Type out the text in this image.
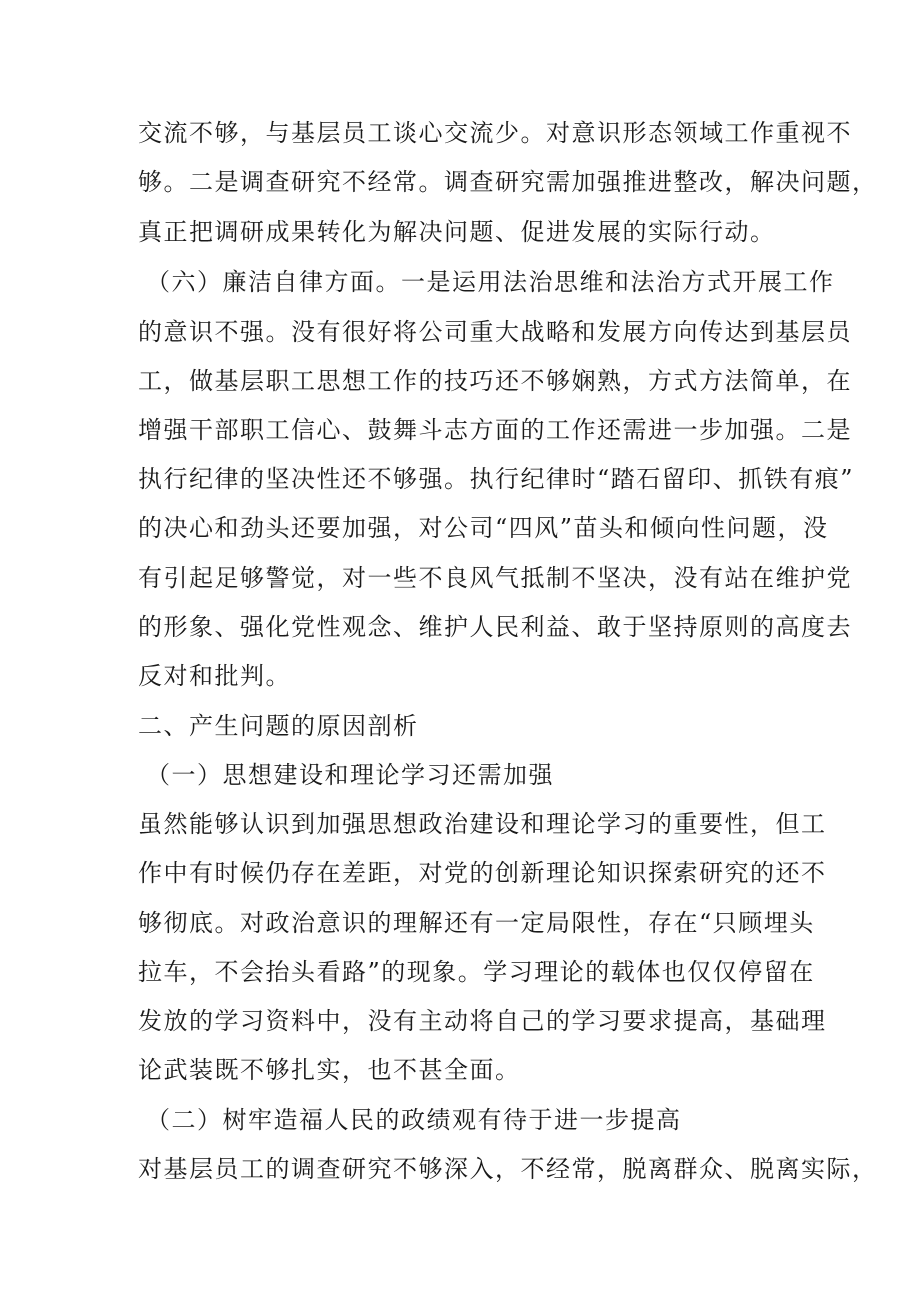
交流不够，与基层员工谈心交流少。对意识形态领域工作重视不
够。二是调查研究不经常。调查研究需加强推进整改，解决问题，
真正把调研成果转化为解决问题、促进发展的实际行动。
（六）廉洁自律方面。一是运用法治思维和法治方式开展工作
的意识不强。没有很好将公司重大战略和发展方向传达到基层员
工，做基层职工思想工作的技巧还不够娴熟，方式方法简单，在
增强干部职工信心、鼓舞斗志方面的工作还需进一步加强。二是
执行纪律的坚决性还不够强。执行纪律时“踏石留印、抓铁有痕”
的决心和劲头还要加强，对公司“四风”苗头和倾向性问题，没
有引起足够警觉，对一些不良风气抵制不坚决，没有站在维护党
的形象、强化党性观念、维护人民利益、敢于坚持原则的高度去
反对和批判。
二、产生问题的原因剖析
（一）思想建设和理论学习还需加强
虽然能够认识到加强思想政治建设和理论学习的重要性，但工
作中有时候仍存在差距，对党的创新理论知识探索研究的还不
够彻底。对政治意识的理解还有一定局限性，存在“只顾埋头
拉车，不会抬头看路”的现象。学习理论的载体也仅仅停留在
发放的学习资料中，没有主动将自己的学习要求提高，基础理
论武装既不够扎实，也不甚全面。
（二）树牢造福人民的政绩观有待于进一步提高
对基层员工的调查研究不够深入，不经常，脱离群众、脱离实际，
